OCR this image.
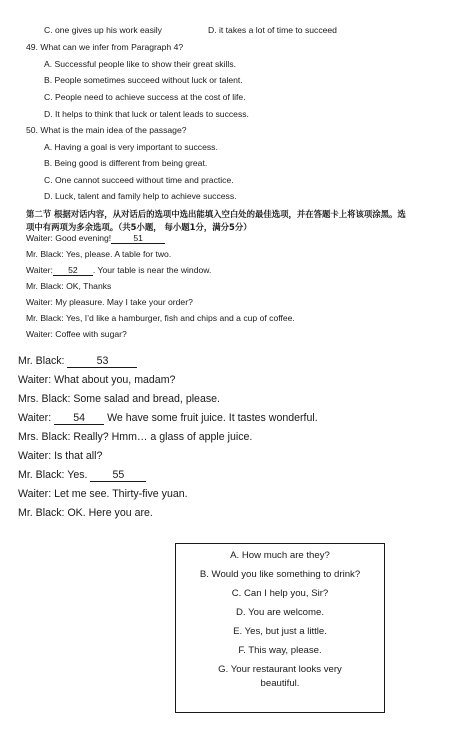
C. one gives up his work easily	D. it takes a lot of time to succeed
49. What can we infer from Paragraph 4?
A. Successful people like to show their great skills.
B. People sometimes succeed without luck or talent.
C. People need to achieve success at the cost of life.
D. It helps to think that luck or talent leads to success.
50. What is the main idea of the passage?
A. Having a goal is very important to success.
B. Being good is different from being great.
C. One cannot succeed without time and practice.
D. Luck, talent and family help to achieve success.
第二节 根据对话内容，从对话后的选项中选出能填入空白处的最佳选项，并在答题卡上将该项涂黑。选
项中有两项为多余选项。（共5小题， 每小题1分，满分5分）
Waiter: Good evening!	51
Mr. Black: Yes, please. A table for two.
Waiter: 52 . Your table is near the window.
Mr. Black: OK, Thanks
Waiter: My pleasure. May I take your order?
Mr. Black: Yes, I’d like a hamburger, fish and chips and a cup of coffee.
Waiter: Coffee with sugar?
Mr. Black:	53
Waiter: What about you, madam?
Mrs. Black: Some salad and bread, please.
Waiter: 54 We have some fruit juice. It tastes wonderful.
Mrs. Black: Really? Hmm… a glass of apple juice.
Waiter: Is that all?
Mr. Black: Yes. 55
Waiter: Let me see. Thirty-five yuan.
Mr. Black: OK. Here you are.
A. How much are they?
B. Would you like something to drink?
C. Can I help you, Sir?
D. You are welcome.
E. Yes, but just a little.
F. This way, please.
G. Your restaurant looks very
beautiful.
